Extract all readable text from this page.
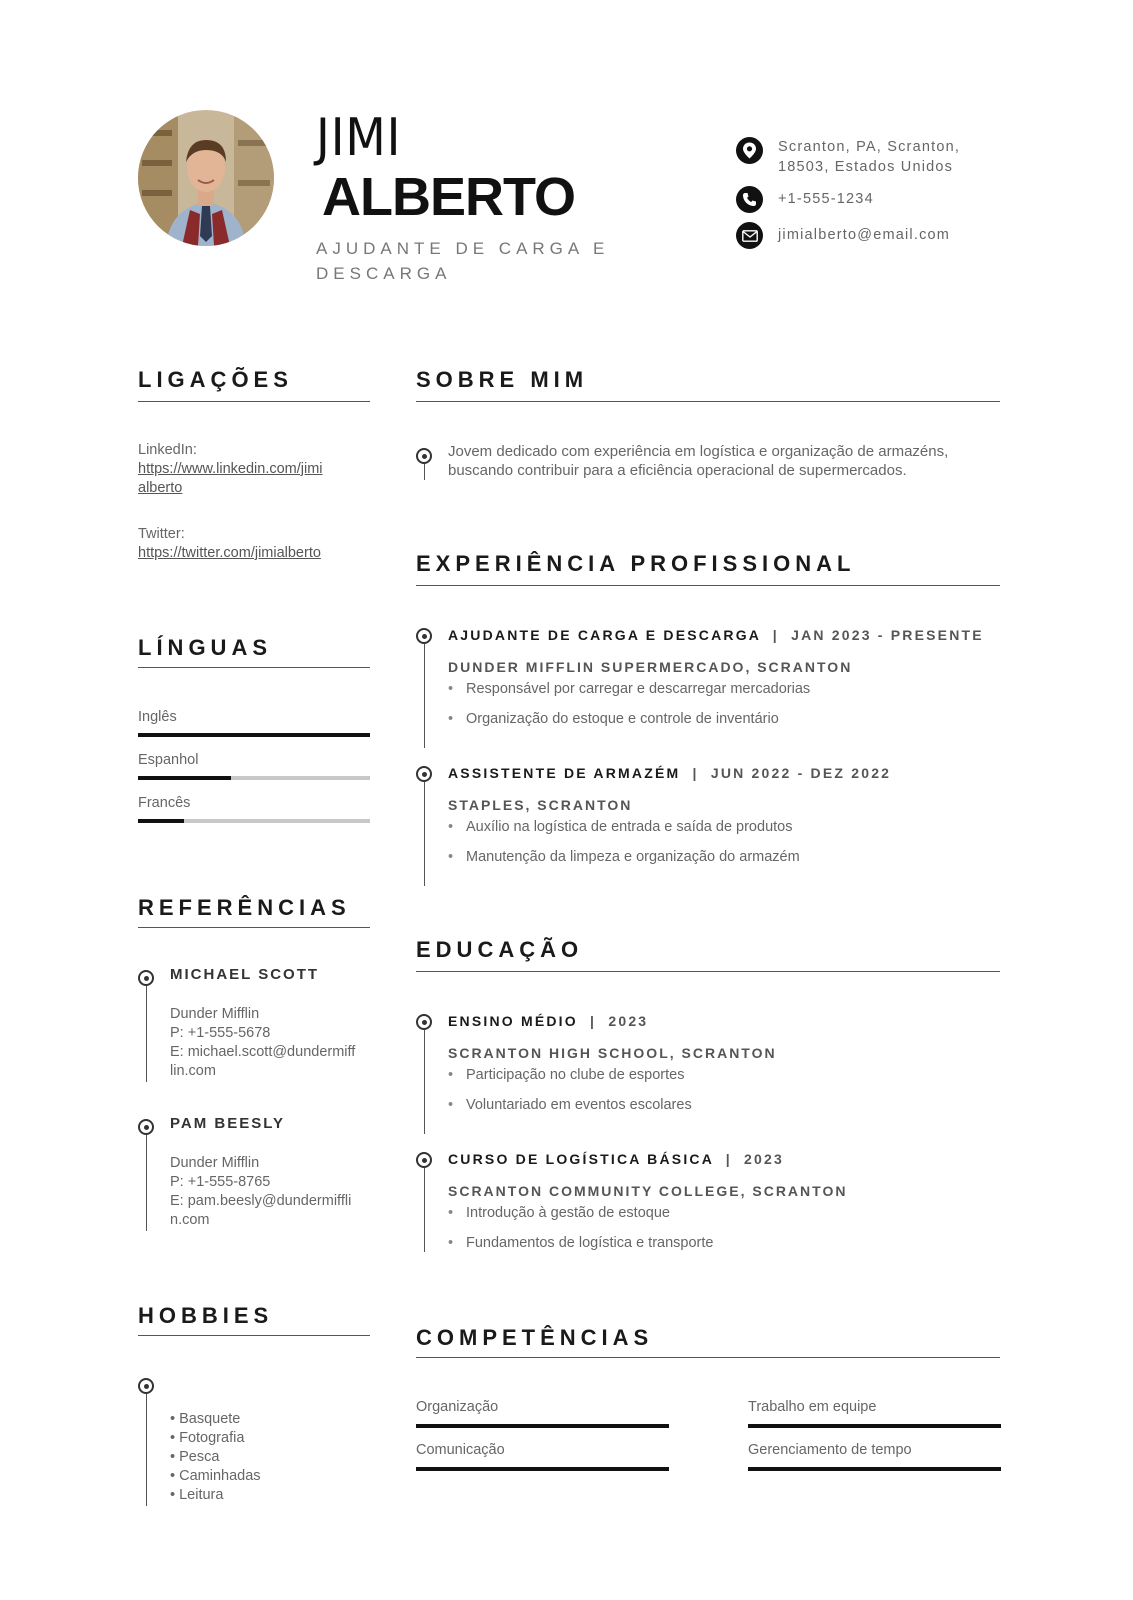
JIMI
ALBERTO
AJUDANTE DE CARGA E DESCARGA
Scranton, PA, Scranton, 18503, Estados Unidos
+1-555-1234
jimialberto@email.com
LIGAÇÕES
LinkedIn:
https://www.linkedin.com/jimi
alberto
Twitter:
https://twitter.com/jimialberto
LÍNGUAS
Inglês
Espanhol
Francês
REFERÊNCIAS
MICHAEL SCOTT
Dunder Mifflin
P: +1-555-5678
E: michael.scott@dundermiff
lin.com
PAM BEESLY
Dunder Mifflin
P: +1-555-8765
E: pam.beesly@dundermiffli
n.com
HOBBIES
• Basquete
• Fotografia
• Pesca
• Caminhadas
• Leitura
SOBRE MIM
Jovem dedicado com experiência em logística e organização de armazéns,
buscando contribuir para a eficiência operacional de supermercados.
EXPERIÊNCIA PROFISSIONAL
AJUDANTE DE CARGA E DESCARGA  |  JAN 2023 - PRESENTE
DUNDER MIFFLIN SUPERMERCADO, SCRANTON
• Responsável por carregar e descarregar mercadorias
• Organização do estoque e controle de inventário
ASSISTENTE DE ARMAZÉM  |  JUN 2022 - DEZ 2022
STAPLES, SCRANTON
• Auxílio na logística de entrada e saída de produtos
• Manutenção da limpeza e organização do armazém
EDUCAÇÃO
ENSINO MÉDIO  |  2023
SCRANTON HIGH SCHOOL, SCRANTON
• Participação no clube de esportes
• Voluntariado em eventos escolares
CURSO DE LOGÍSTICA BÁSICA  |  2023
SCRANTON COMMUNITY COLLEGE, SCRANTON
• Introdução à gestão de estoque
• Fundamentos de logística e transporte
COMPETÊNCIAS
Organização	Trabalho em equipe
Comunicação	Gerenciamento de tempo
